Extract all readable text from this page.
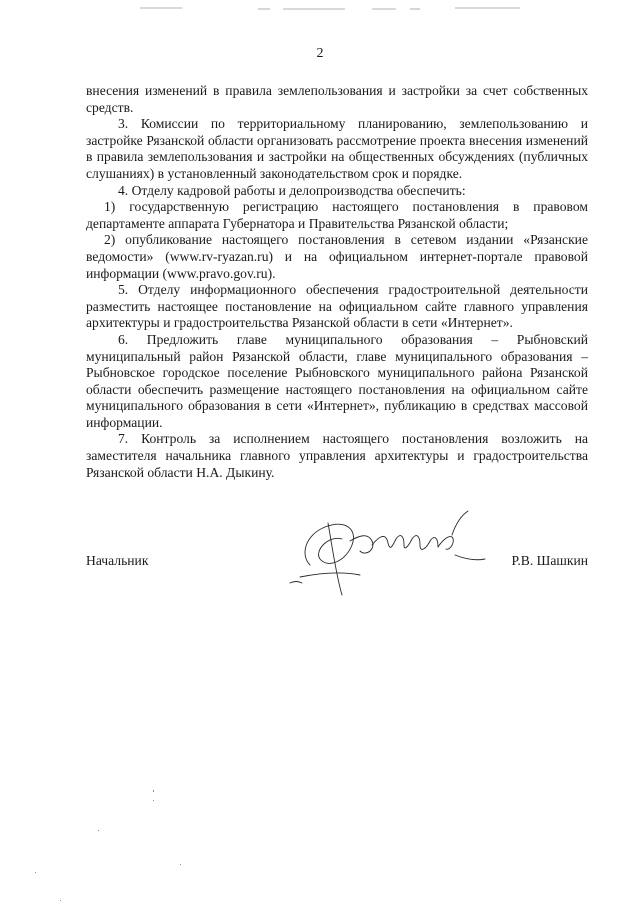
2

внесения изменений в правила землепользования и застройки за счет собственных средств.

3. Комиссии по территориальному планированию, землепользованию и застройке Рязанской области организовать рассмотрение проекта внесения изменений в правила землепользования и застройки на общественных обсуждениях (публичных слушаниях) в установленный законодательством срок и порядке.

4. Отделу кадровой работы и делопроизводства обеспечить:

1) государственную регистрацию настоящего постановления в правовом департаменте аппарата Губернатора и Правительства Рязанской области;

2) опубликование настоящего постановления в сетевом издании «Рязанские ведомости» (www.rv-ryazan.ru) и на официальном интернет-портале правовой информации (www.pravo.gov.ru).

5. Отделу информационного обеспечения градостроительной деятельности разместить настоящее постановление на официальном сайте главного управления архитектуры и градостроительства Рязанской области в сети «Интернет».

6. Предложить главе муниципального образования – Рыбновский муниципальный район Рязанской области, главе муниципального образования – Рыбновское городское поселение Рыбновского муниципального района Рязанской области обеспечить размещение настоящего постановления на официальном сайте муниципального образования в сети «Интернет», публикацию в средствах массовой информации.

7. Контроль за исполнением настоящего постановления возложить на заместителя начальника главного управления архитектуры и градостроительства Рязанской области Н.А. Дыкину.

Начальник	Р.В. Шашкин
